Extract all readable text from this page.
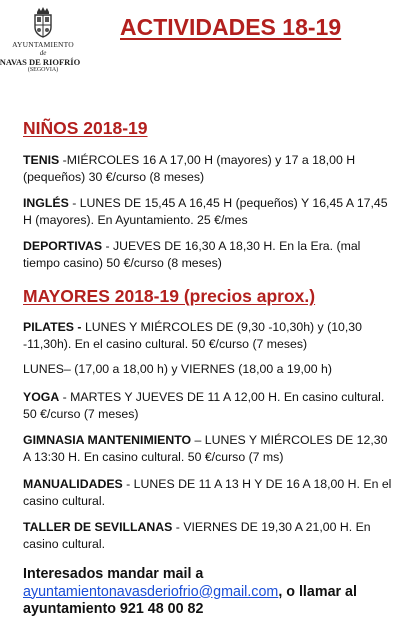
AYUNTAMIENTO
de
NAVAS DE RIOFRÍO
(SEGOVIA)
ACTIVIDADES 18-19
NIÑOS 2018-19
TENIS -MIÉRCOLES 16 A 17,00 H (mayores) y 17 a 18,00 H (pequeños) 30 €/curso (8 meses)
INGLÉS - LUNES DE 15,45 A 16,45 H (pequeños) Y 16,45 A 17,45 H (mayores). En Ayuntamiento. 25 €/mes
DEPORTIVAS - JUEVES DE 16,30 A 18,30 H. En la Era. (mal tiempo casino) 50 €/curso (8 meses)
MAYORES 2018-19 (precios aprox.)
PILATES - LUNES Y MIÉRCOLES DE (9,30 -10,30h) y (10,30 -11,30h). En el casino cultural. 50 €/curso (7 meses)
LUNES– (17,00 a 18,00 h) y VIERNES (18,00 a 19,00 h)
YOGA - MARTES Y JUEVES DE 11 A 12,00 H. En casino cultural. 50 €/curso (7 meses)
GIMNASIA MANTENIMIENTO – LUNES Y MIÉRCOLES DE 12,30 A 13:30 H. En casino cultural. 50 €/curso (7 ms)
MANUALIDADES - LUNES DE 11 A 13 H Y DE 16 A 18,00 H. En el casino cultural.
TALLER DE SEVILLANAS - VIERNES DE 19,30 A 21,00 H. En casino cultural.
Interesados mandar mail a
ayuntamientonavasderiofrio@gmail.com, o llamar al ayuntamiento 921 48 00 82
